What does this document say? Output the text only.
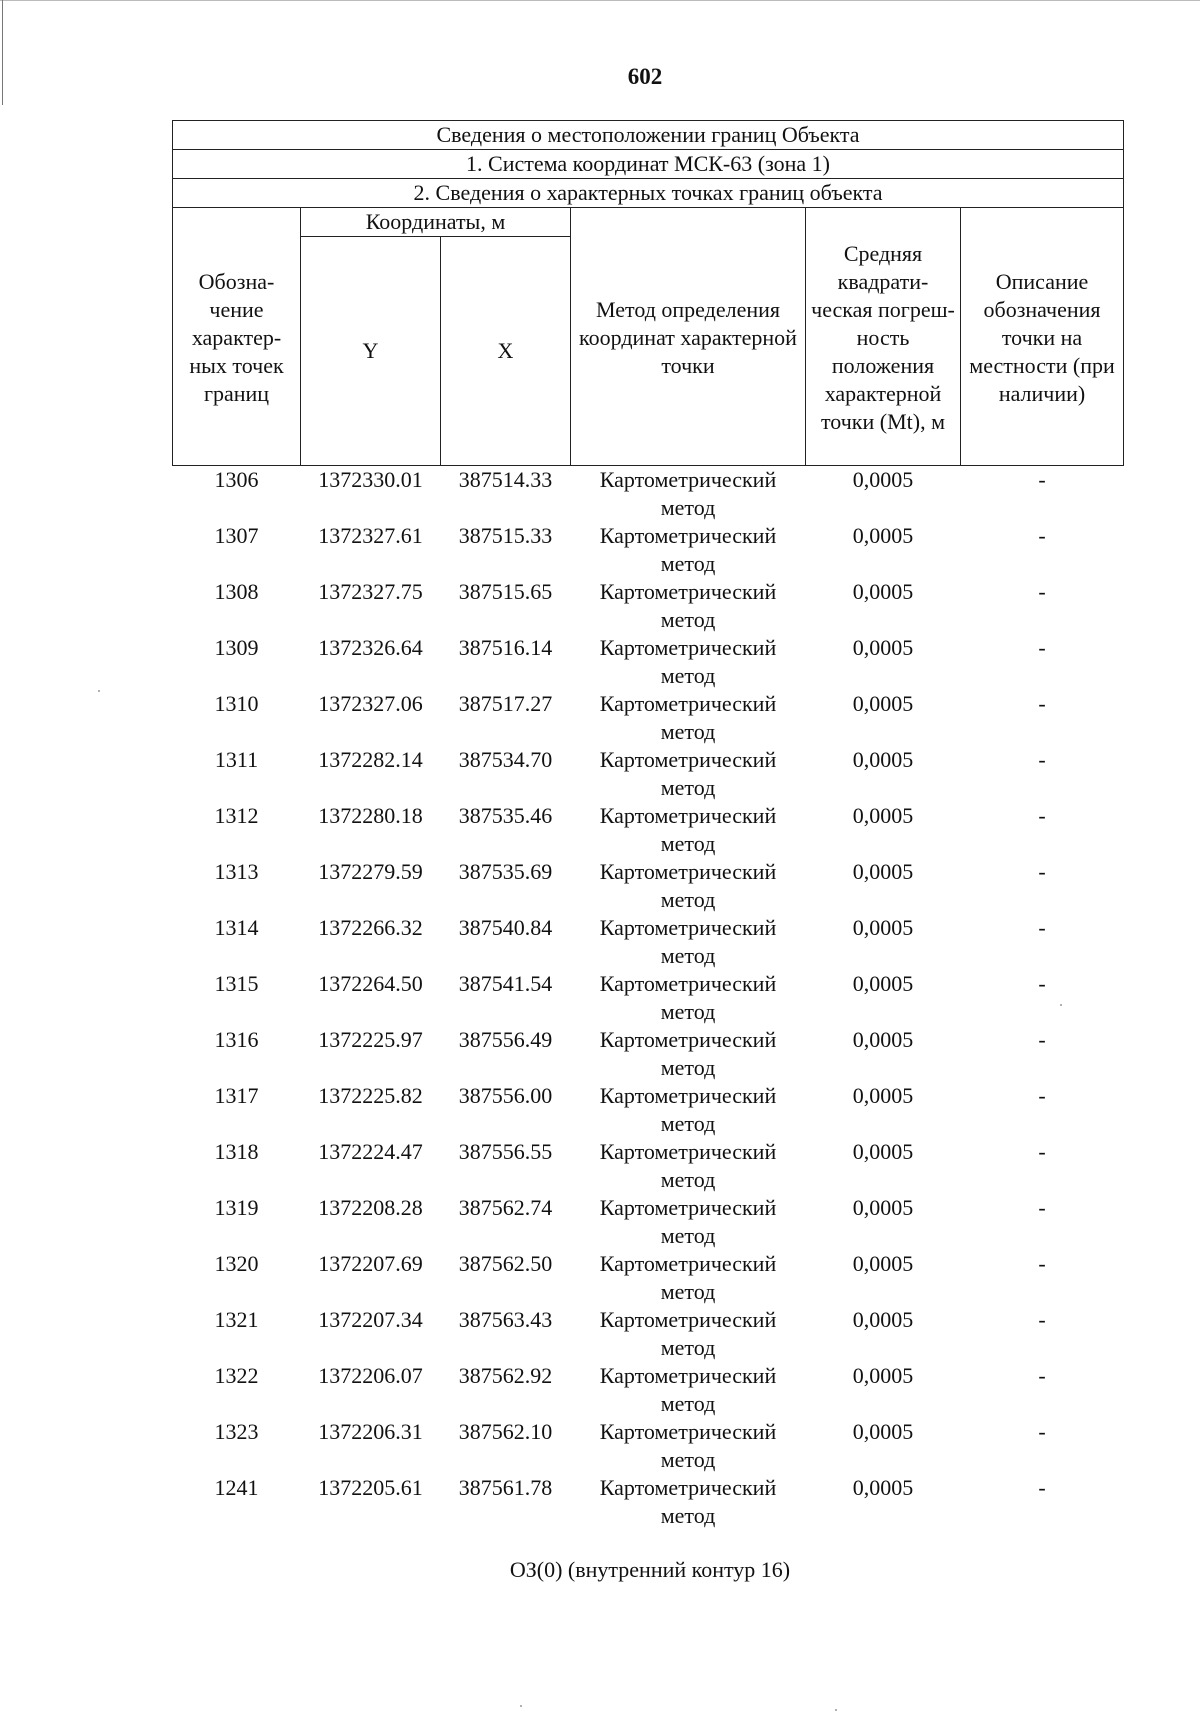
602
Сведения о местоположении границ Объекта					
1. Система координат МСК-63 (зона 1)					
2. Сведения о характерных точках границ объекта					
Обозна-чение характер-ных точек границ	Координаты, м		Метод определения координат характерной точки	Средняя квадрати-ческая погреш-ность положения характерной точки (Mt), м	Описание обозначения точки на местности (при наличии)
	Y	X			
1306	1372330.01	387514.33	Картометрический метод	0,0005	-
1307	1372327.61	387515.33	Картометрический метод	0,0005	-
1308	1372327.75	387515.65	Картометрический метод	0,0005	-
1309	1372326.64	387516.14	Картометрический метод	0,0005	-
1310	1372327.06	387517.27	Картометрический метод	0,0005	-
1311	1372282.14	387534.70	Картометрический метод	0,0005	-
1312	1372280.18	387535.46	Картометрический метод	0,0005	-
1313	1372279.59	387535.69	Картометрический метод	0,0005	-
1314	1372266.32	387540.84	Картометрический метод	0,0005	-
1315	1372264.50	387541.54	Картометрический метод	0,0005	-
1316	1372225.97	387556.49	Картометрический метод	0,0005	-
1317	1372225.82	387556.00	Картометрический метод	0,0005	-
1318	1372224.47	387556.55	Картометрический метод	0,0005	-
1319	1372208.28	387562.74	Картометрический метод	0,0005	-
1320	1372207.69	387562.50	Картометрический метод	0,0005	-
1321	1372207.34	387563.43	Картометрический метод	0,0005	-
1322	1372206.07	387562.92	Картометрический метод	0,0005	-
1323	1372206.31	387562.10	Картометрический метод	0,0005	-
1241	1372205.61	387561.78	Картометрический метод	0,0005	-
ОЗ(0) (внутренний контур 16)
